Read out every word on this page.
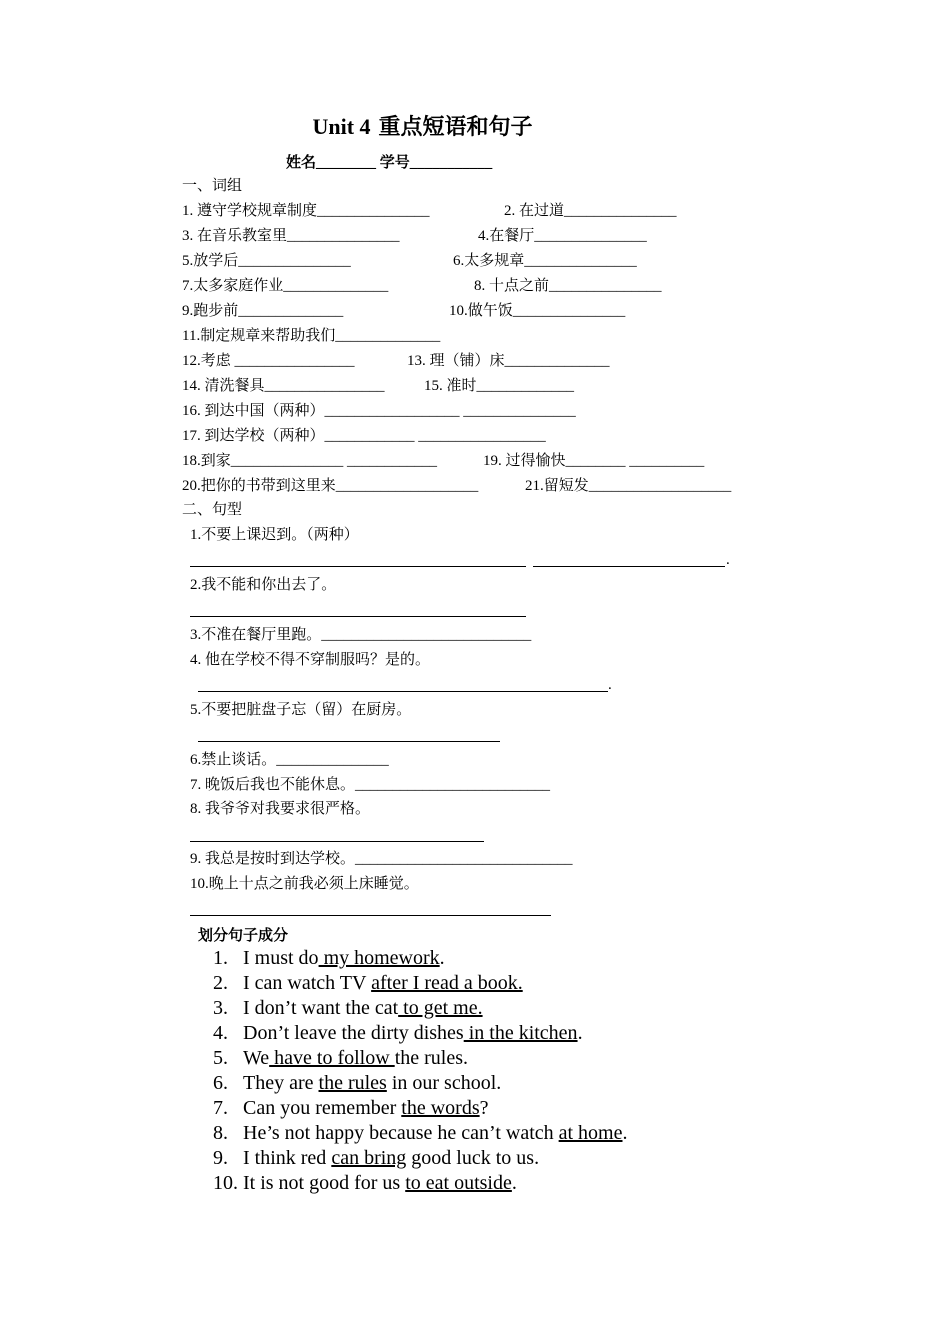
Unit 4 重点短语和句子
姓名________ 学号___________
一、词组
1. 遵守学校规章制度_______________	2. 在过道_______________
3. 在音乐教室里_______________	4.在餐厅_______________
5.放学后_______________	6.太多规章_______________
7.太多家庭作业______________	8. 十点之前_______________
9.跑步前______________	10.做午饭_______________
11.制定规章来帮助我们______________
12.考虑 ________________	13. 理（铺）床______________
14. 清洗餐具________________	15. 准时_____________
16. 到达中国（两种）__________________ _______________
17. 到达学校（两种）____________ _________________
18.到家_______________ ____________	19. 过得愉快________ __________
20.把你的书带到这里来___________________	21.留短发___________________
二、句型
1.不要上课迟到。（两种）
.
2.我不能和你出去了。
3.不准在餐厅里跑。____________________________
4. 他在学校不得不穿制服吗？是的。
.
5.不要把脏盘子忘（留）在厨房。
6.禁止谈话。_______________
7. 晚饭后我也不能休息。__________________________
8. 我爷爷对我要求很严格。
9. 我总是按时到达学校。_____________________________
10.晚上十点之前我必须上床睡觉。
划分句子成分
1. I must do my homework.
2. I can watch TV after I read a book.
3. I don’t want the cat to get me.
4. Don’t leave the dirty dishes in the kitchen.
5. We have to follow the rules.
6. They are the rules in our school.
7. Can you remember the words?
8. He’s not happy because he can’t watch at home.
9. I think red can bring good luck to us.
10. It is not good for us to eat outside.
